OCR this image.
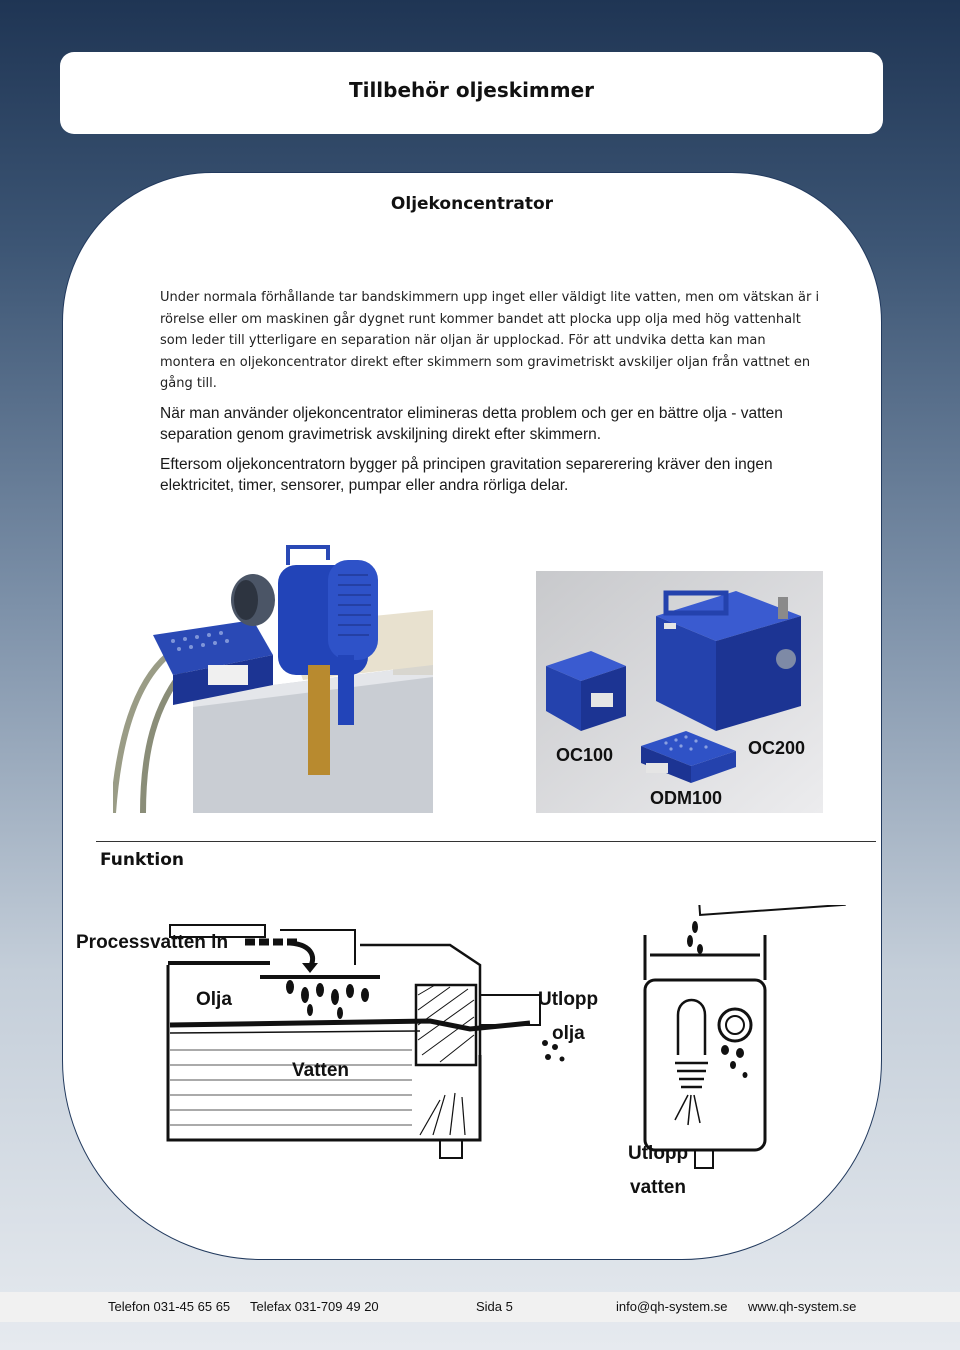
Tillbehör oljeskimmer
Oljekoncentrator

Under normala förhållande tar bandskimmern upp inget eller väldigt lite vatten, men om vätskan är i rörelse eller om maskinen går dygnet runt kommer bandet att plocka upp olja med hög vattenhalt som leder till ytterligare en separation när oljan är upplockad. För att undvika detta kan man montera en oljekoncentrator direkt efter skimmern som gravimetriskt avskiljer oljan från vattnet en gång till.

När man använder oljekoncentrator elimineras detta problem och ger en bättre olja - vatten separation genom gravimetrisk avskiljning direkt efter skimmern.

Eftersom oljekoncentratorn bygger på principen gravitation separerering kräver den ingen elektricitet, timer, sensorer, pumpar eller andra rörliga delar.

OC100	OC200
ODM100
Funktion
Processvatten in
Olja
Vatten
Utlopp
olja
Utlopp
vatten
Telefon 031-45 65 65 Telefax 031-709 49 20	Sida 5	info@qh-system.se www.qh-system.se
